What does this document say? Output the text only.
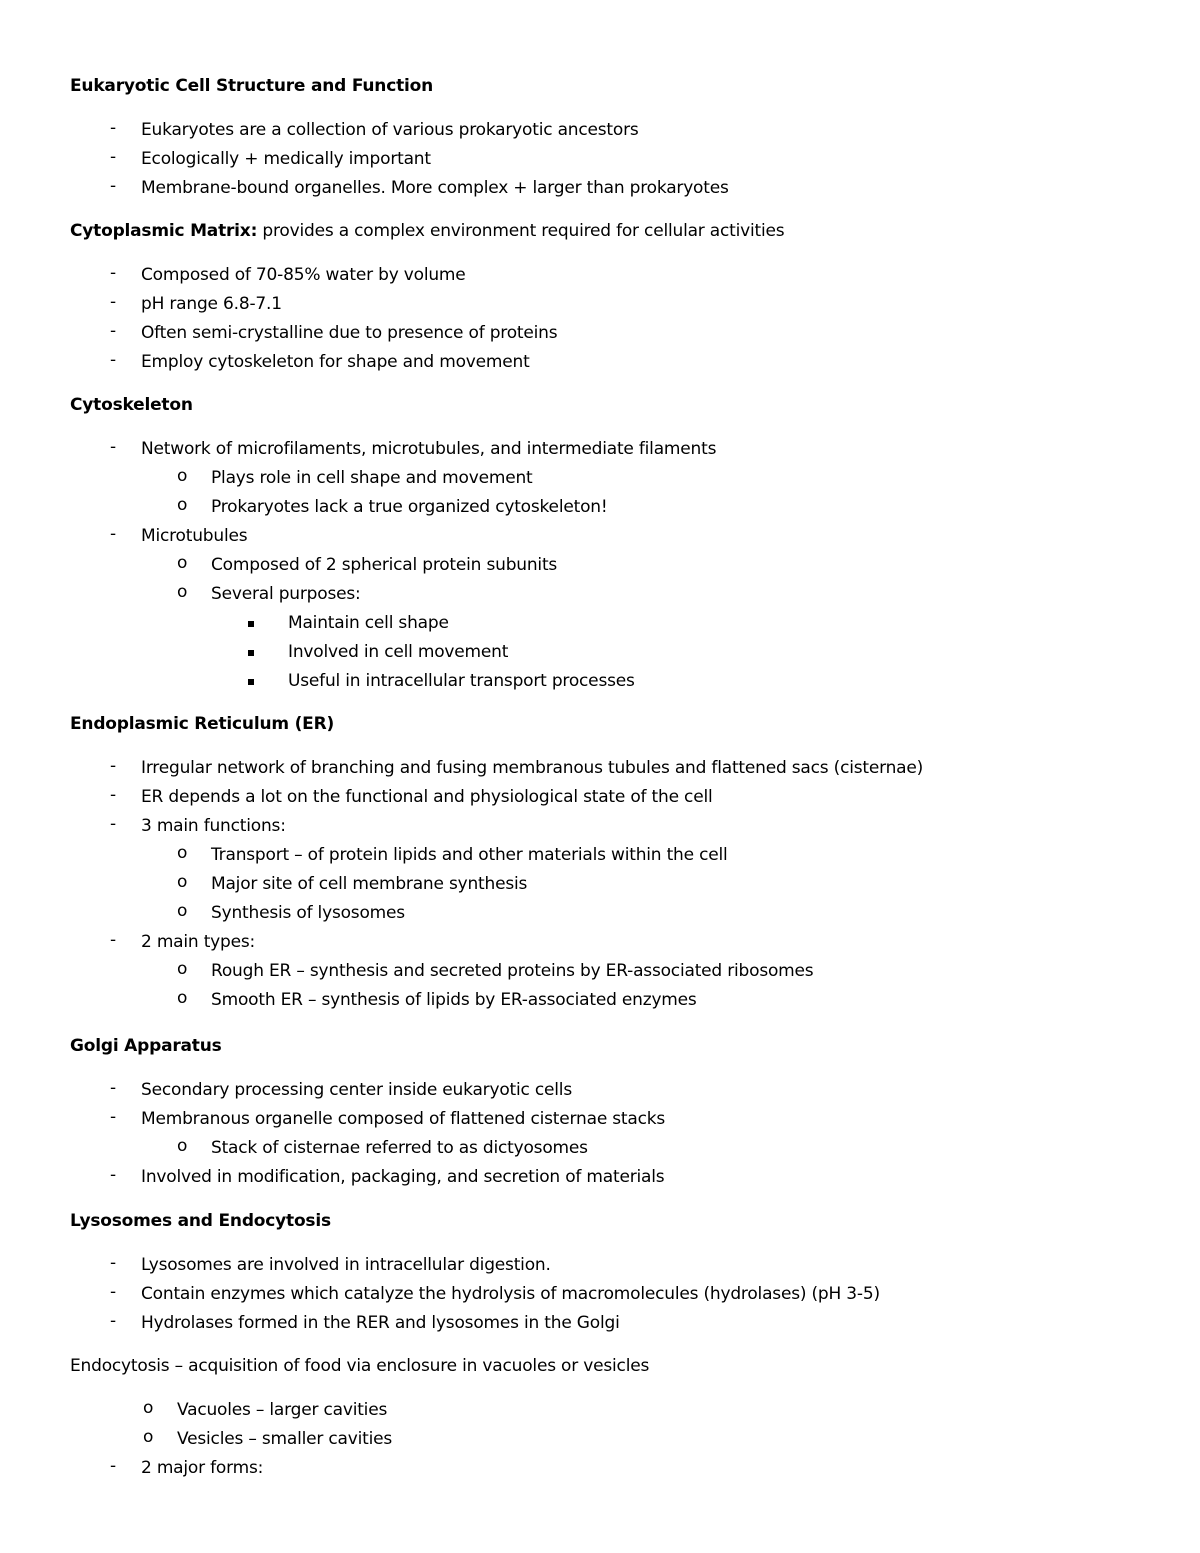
Eukaryotic Cell Structure and Function
- Eukaryotes are a collection of various prokaryotic ancestors
- Ecologically + medically important
- Membrane-bound organelles. More complex + larger than prokaryotes
Cytoplasmic Matrix: provides a complex environment required for cellular activities
- Composed of 70-85% water by volume
- pH range 6.8-7.1
- Often semi-crystalline due to presence of proteins
- Employ cytoskeleton for shape and movement
Cytoskeleton
- Network of microfilaments, microtubules, and intermediate filaments
o Plays role in cell shape and movement
o Prokaryotes lack a true organized cytoskeleton!
- Microtubules
o Composed of 2 spherical protein subunits
o Several purposes:
Maintain cell shape
Involved in cell movement
Useful in intracellular transport processes
Endoplasmic Reticulum (ER)
- Irregular network of branching and fusing membranous tubules and flattened sacs (cisternae)
- ER depends a lot on the functional and physiological state of the cell
- 3 main functions:
o Transport – of protein lipids and other materials within the cell
o Major site of cell membrane synthesis
o Synthesis of lysosomes
- 2 main types:
o Rough ER – synthesis and secreted proteins by ER-associated ribosomes
o Smooth ER – synthesis of lipids by ER-associated enzymes
Golgi Apparatus
- Secondary processing center inside eukaryotic cells
- Membranous organelle composed of flattened cisternae stacks
o Stack of cisternae referred to as dictyosomes
- Involved in modification, packaging, and secretion of materials
Lysosomes and Endocytosis
- Lysosomes are involved in intracellular digestion.
- Contain enzymes which catalyze the hydrolysis of macromolecules (hydrolases) (pH 3-5)
- Hydrolases formed in the RER and lysosomes in the Golgi
Endocytosis – acquisition of food via enclosure in vacuoles or vesicles
o Vacuoles – larger cavities
o Vesicles – smaller cavities
- 2 major forms:
